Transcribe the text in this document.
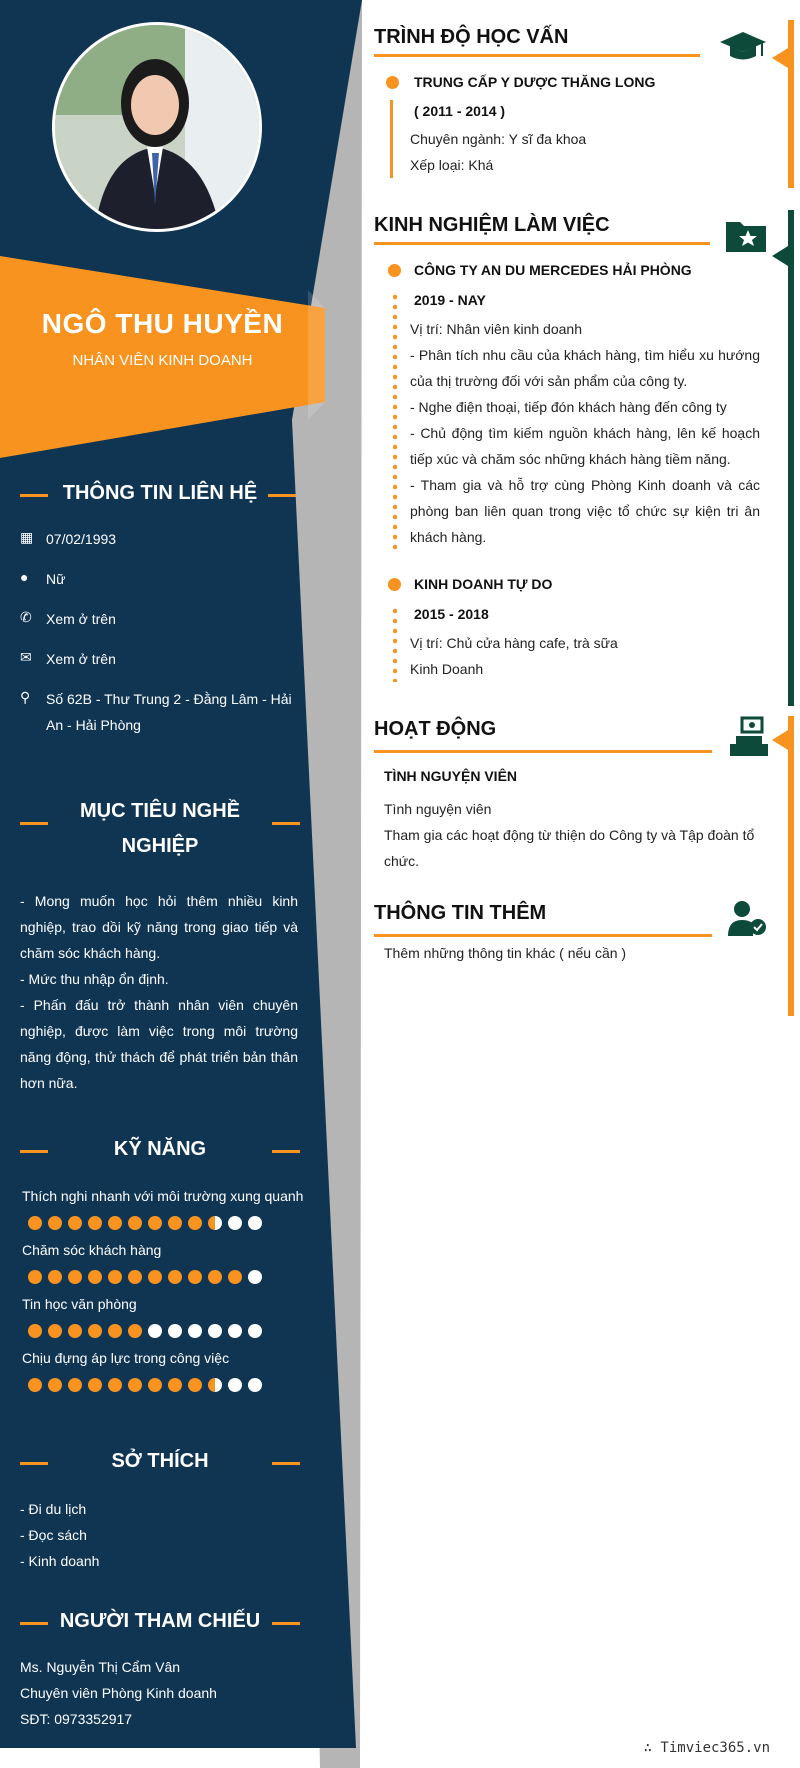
NGÔ THU HUYỀN
NHÂN VIÊN KINH DOANH
THÔNG TIN LIÊN HỆ
▦ 07/02/1993
●	Nữ
✆	Xem ở trên
✉	Xem ở trên
⚲	Số 62B - Thư Trung 2 - Đằng Lâm - Hải An - Hải Phòng
MỤC TIÊU NGHỀ
NGHIỆP
- Mong muốn học hỏi thêm nhiều kinh nghiệp, trao dồi kỹ năng trong giao tiếp và chăm sóc khách hàng.
- Mức thu nhập ổn định.
- Phấn đấu trở thành nhân viên chuyên nghiệp, được làm việc trong môi trường năng động, thử thách để phát triển bản thân hơn nữa.
KỸ NĂNG
Thích nghi nhanh với môi trường xung quanh
Chăm sóc khách hàng
Tin học văn phòng
Chịu đựng áp lực trong công việc
SỞ THÍCH
- Đi du lịch
- Đọc sách
- Kinh doanh
NGƯỜI THAM CHIẾU
Ms. Nguyễn Thị Cẩm Vân
Chuyên viên Phòng Kinh doanh
SĐT: 0973352917
TRÌNH ĐỘ HỌC VẤN
TRUNG CẤP Y DƯỢC THĂNG LONG
( 2011 - 2014 )
Chuyên ngành: Y sĩ đa khoa
Xếp loại: Khá
KINH NGHIỆM LÀM VIỆC
CÔNG TY AN DU MERCEDES HẢI PHÒNG
2019 - NAY
Vị trí: Nhân viên kinh doanh
- Phân tích nhu cầu của khách hàng, tìm hiểu xu hướng của thị trường đối với sản phẩm của công ty.
- Nghe điện thoại, tiếp đón khách hàng đến công ty
- Chủ động tìm kiếm nguồn khách hàng, lên kế hoạch tiếp xúc và chăm sóc những khách hàng tiềm năng.
- Tham gia và hỗ trợ cùng Phòng Kinh doanh và các phòng ban liên quan trong việc tổ chức sự kiện tri ân khách hàng.
KINH DOANH TỰ DO
2015 - 2018
Vị trí: Chủ cửa hàng cafe, trà sữa
Kinh Doanh
HOẠT ĐỘNG
TÌNH NGUYỆN VIÊN
Tình nguyện viên
Tham gia các hoạt động từ thiện do Công ty và Tập đoàn tổ chức.
THÔNG TIN THÊM
Thêm những thông tin khác ( nếu cần )
∴ Timviec365.vn
